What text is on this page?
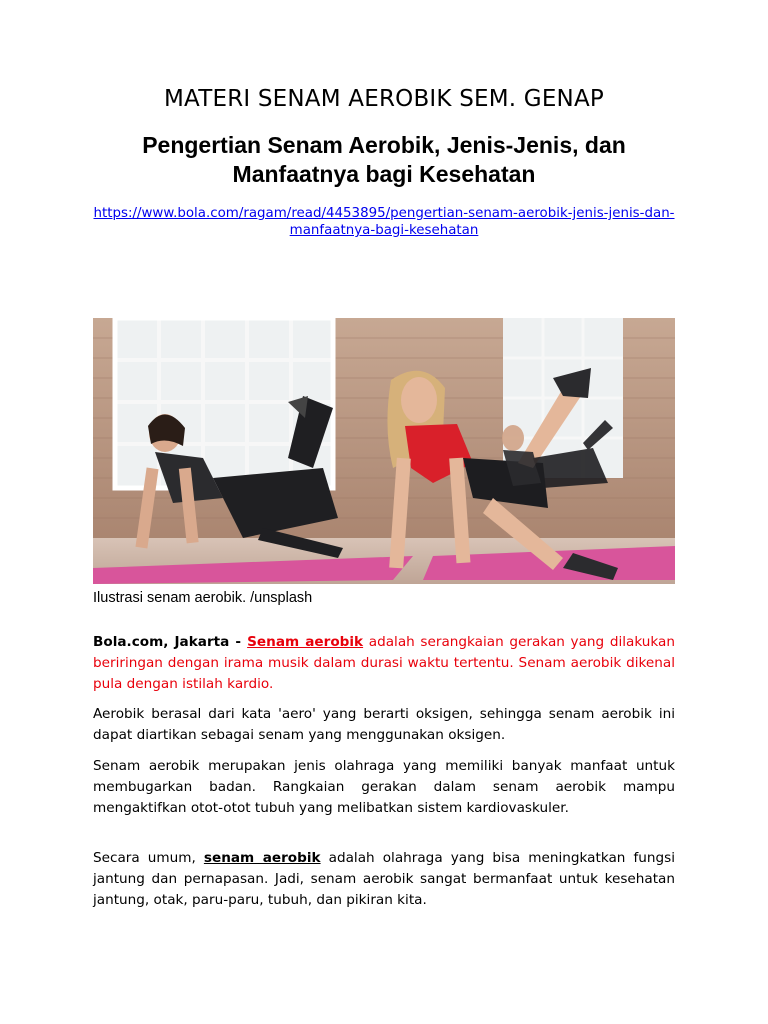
MATERI SENAM AEROBIK SEM. GENAP
Pengertian Senam Aerobik, Jenis-Jenis, dan Manfaatnya bagi Kesehatan
https://www.bola.com/ragam/read/4453895/pengertian-senam-aerobik-jenis-jenis-dan-manfaatnya-bagi-kesehatan
Ilustrasi senam aerobik. /unsplash

Bola.com, Jakarta - Senam aerobik adalah serangkaian gerakan yang dilakukan beriringan dengan irama musik dalam durasi waktu tertentu. Senam aerobik dikenal pula dengan istilah kardio.

Aerobik berasal dari kata 'aero' yang berarti oksigen, sehingga senam aerobik ini dapat diartikan sebagai senam yang menggunakan oksigen.

Senam aerobik merupakan jenis olahraga yang memiliki banyak manfaat untuk membugarkan badan. Rangkaian gerakan dalam senam aerobik mampu mengaktifkan otot-otot tubuh yang melibatkan sistem kardiovaskuler.

Secara umum, senam aerobik adalah olahraga yang bisa meningkatkan fungsi jantung dan pernapasan. Jadi, senam aerobik sangat bermanfaat untuk kesehatan jantung, otak, paru-paru, tubuh, dan pikiran kita.
